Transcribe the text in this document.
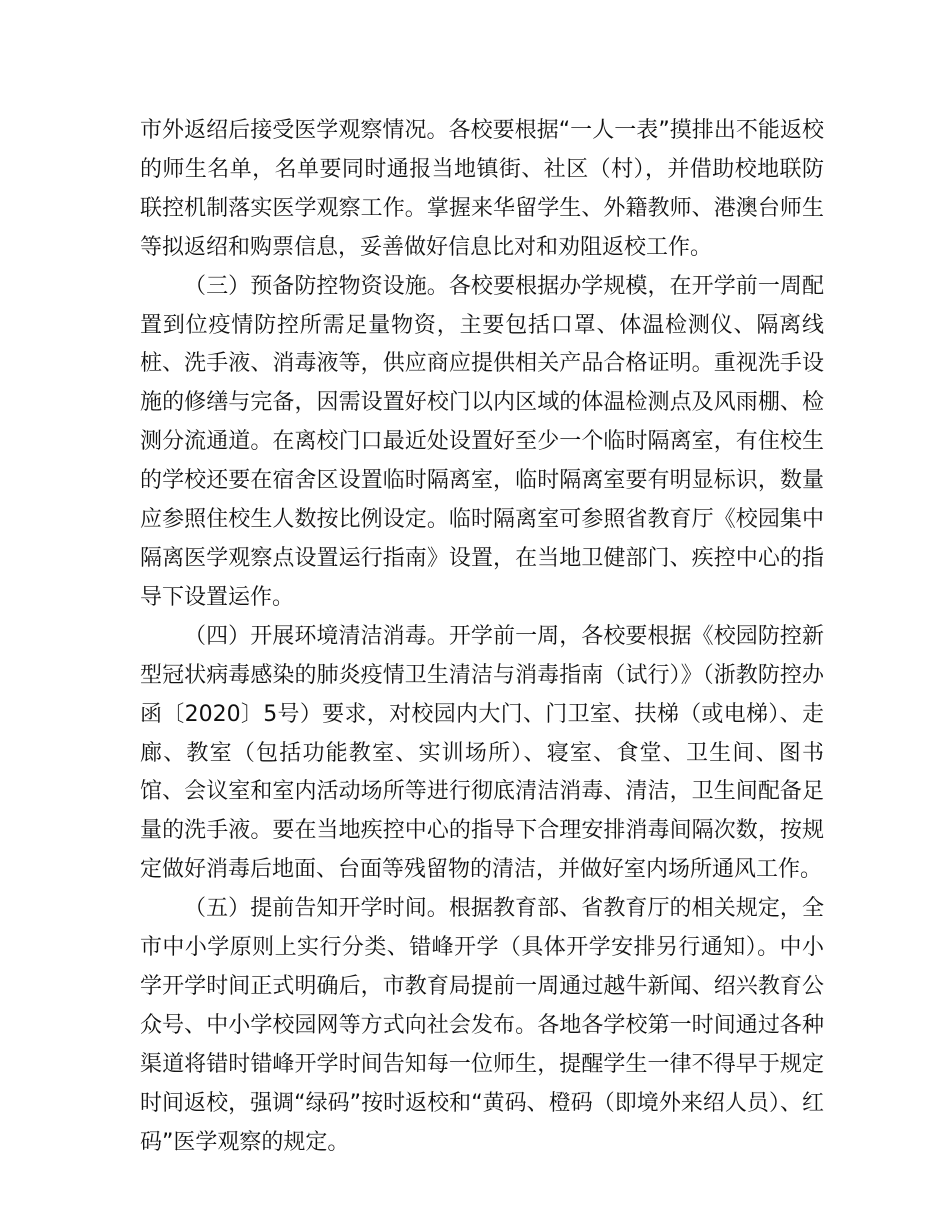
市外返绍后接受医学观察情况。各校要根据“一人一表”摸排出不能返校的师生名单，名单要同时通报当地镇街、社区（村），并借助校地联防联控机制落实医学观察工作。掌握来华留学生、外籍教师、港澳台师生等拟返绍和购票信息，妥善做好信息比对和劝阻返校工作。

（三）预备防控物资设施。各校要根据办学规模，在开学前一周配置到位疫情防控所需足量物资，主要包括口罩、体温检测仪、隔离线桩、洗手液、消毒液等，供应商应提供相关产品合格证明。重视洗手设施的修缮与完备，因需设置好校门以内区域的体温检测点及风雨棚、检测分流通道。在离校门口最近处设置好至少一个临时隔离室，有住校生的学校还要在宿舍区设置临时隔离室，临时隔离室要有明显标识，数量应参照住校生人数按比例设定。临时隔离室可参照省教育厅《校园集中隔离医学观察点设置运行指南》设置，在当地卫健部门、疾控中心的指导下设置运作。

（四）开展环境清洁消毒。开学前一周，各校要根据《校园防控新型冠状病毒感染的肺炎疫情卫生清洁与消毒指南（试行）》（浙教防控办函〔2020〕5号）要求，对校园内大门、门卫室、扶梯（或电梯）、走廊、教室（包括功能教室、实训场所）、寝室、食堂、卫生间、图书馆、会议室和室内活动场所等进行彻底清洁消毒、清洁，卫生间配备足量的洗手液。要在当地疾控中心的指导下合理安排消毒间隔次数，按规定做好消毒后地面、台面等残留物的清洁，并做好室内场所通风工作。

（五）提前告知开学时间。根据教育部、省教育厅的相关规定，全市中小学原则上实行分类、错峰开学（具体开学安排另行通知）。中小学开学时间正式明确后，市教育局提前一周通过越牛新闻、绍兴教育公众号、中小学校园网等方式向社会发布。各地各学校第一时间通过各种渠道将错时错峰开学时间告知每一位师生，提醒学生一律不得早于规定时间返校，强调“绿码”按时返校和“黄码、橙码（即境外来绍人员）、红码”医学观察的规定。
